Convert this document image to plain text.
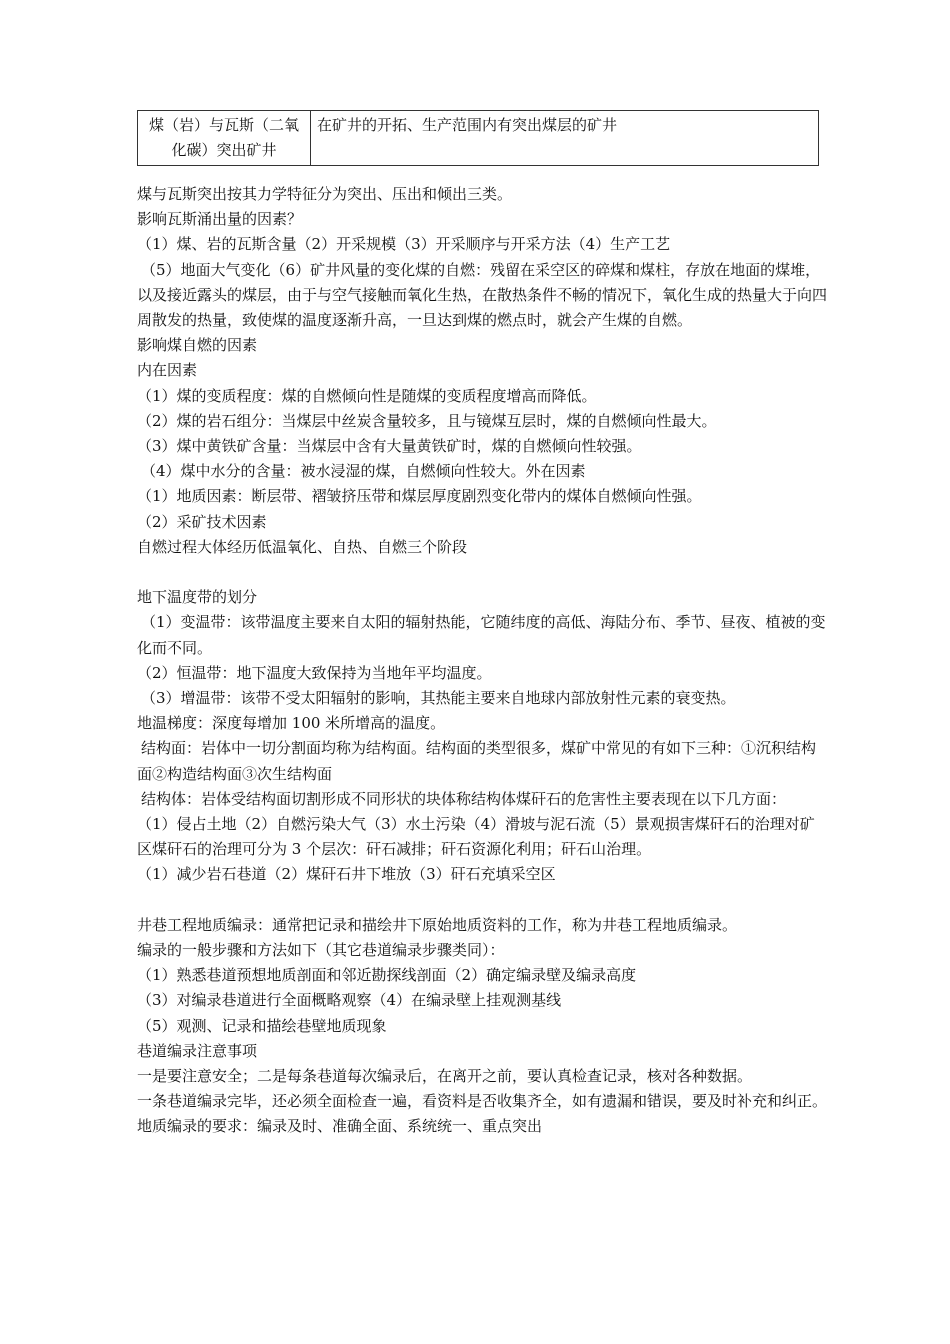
煤（岩）与瓦斯（二氧化碳）突出矿井	在矿井的开拓、生产范围内有突出煤层的矿井

煤与瓦斯突出按其力学特征分为突出、压出和倾出三类。

影响瓦斯涌出量的因素？

（1）煤、岩的瓦斯含量（2）开采规模（3）开采顺序与开采方法（4）生产工艺

（5）地面大气变化（6）矿井风量的变化煤的自燃：残留在采空区的碎煤和煤柱，存放在地面的煤堆，以及接近露头的煤层，由于与空气接触而氧化生热，在散热条件不畅的情况下，氧化生成的热量大于向四周散发的热量，致使煤的温度逐渐升高，一旦达到煤的燃点时，就会产生煤的自燃。

影响煤自燃的因素

内在因素

（1）煤的变质程度：煤的自燃倾向性是随煤的变质程度增高而降低。

（2）煤的岩石组分：当煤层中丝炭含量较多，且与镜煤互层时，煤的自燃倾向性最大。

（3）煤中黄铁矿含量：当煤层中含有大量黄铁矿时，煤的自燃倾向性较强。

（4）煤中水分的含量：被水浸湿的煤，自燃倾向性较大。外在因素

（1）地质因素：断层带、褶皱挤压带和煤层厚度剧烈变化带内的煤体自燃倾向性强。

（2）采矿技术因素

自燃过程大体经历低温氧化、自热、自燃三个阶段

地下温度带的划分

（1）变温带：该带温度主要来自太阳的辐射热能，它随纬度的高低、海陆分布、季节、昼夜、植被的变化而不同。

（2）恒温带：地下温度大致保持为当地年平均温度。

（3）增温带：该带不受太阳辐射的影响，其热能主要来自地球内部放射性元素的衰变热。

地温梯度：深度每增加 100 米所增高的温度。

结构面：岩体中一切分割面均称为结构面。结构面的类型很多，煤矿中常见的有如下三种：①沉积结构面②构造结构面③次生结构面

结构体：岩体受结构面切割形成不同形状的块体称结构体煤矸石的危害性主要表现在以下几方面：

（1）侵占土地（2）自燃污染大气（3）水土污染（4）滑坡与泥石流（5）景观损害煤矸石的治理对矿区煤矸石的治理可分为 3 个层次：矸石减排；矸石资源化利用；矸石山治理。

（1）减少岩石巷道（2）煤矸石井下堆放（3）矸石充填采空区

井巷工程地质编录：通常把记录和描绘井下原始地质资料的工作，称为井巷工程地质编录。

编录的一般步骤和方法如下（其它巷道编录步骤类同）：

（1）熟悉巷道预想地质剖面和邻近勘探线剖面（2）确定编录壁及编录高度

（3）对编录巷道进行全面概略观察（4）在编录壁上挂观测基线

（5）观测、记录和描绘巷壁地质现象

巷道编录注意事项

一是要注意安全；二是每条巷道每次编录后，在离开之前，要认真检查记录，核对各种数据。

一条巷道编录完毕，还必须全面检查一遍，看资料是否收集齐全，如有遗漏和错误，要及时补充和纠正。

地质编录的要求：编录及时、准确全面、系统统一、重点突出
